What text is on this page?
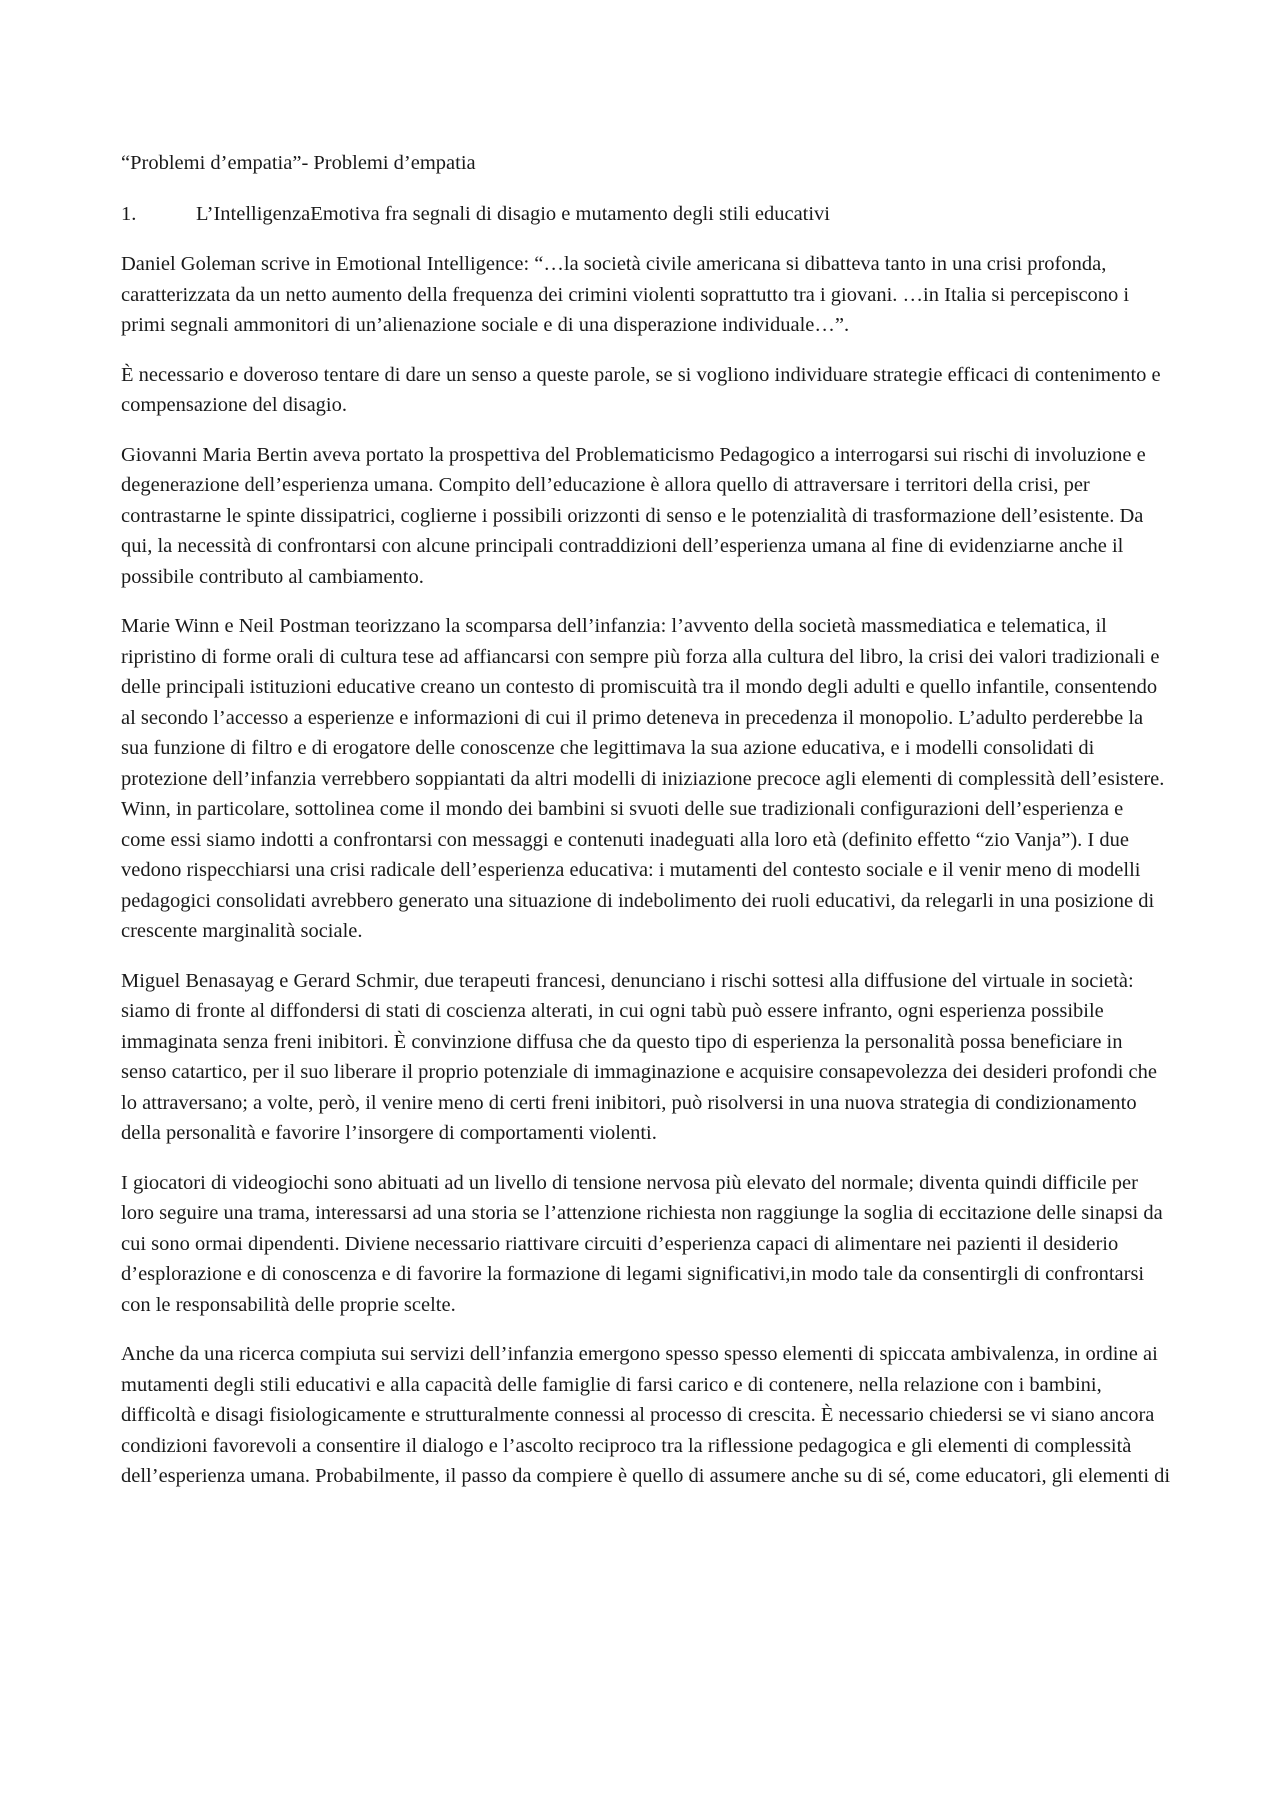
“Problemi d’empatia”- Problemi d’empatia
1.	L’IntelligenzaEmotiva fra segnali di disagio e mutamento degli stili educativi

Daniel Goleman scrive in Emotional Intelligence: “…la società civile americana si dibatteva tanto in una crisi profonda, caratterizzata da un netto aumento della frequenza dei crimini violenti soprattutto tra i giovani. …in Italia si percepiscono i primi segnali ammonitori di un’alienazione sociale e di una disperazione individuale…”.

È necessario e doveroso tentare di dare un senso a queste parole, se si vogliono individuare strategie efficaci di contenimento e compensazione del disagio.

Giovanni Maria Bertin aveva portato la prospettiva del Problematicismo Pedagogico a interrogarsi sui rischi di involuzione e degenerazione dell’esperienza umana. Compito dell’educazione è allora quello di attraversare i territori della crisi, per contrastarne le spinte dissipatrici, coglierne i possibili orizzonti di senso e le potenzialità di trasformazione dell’esistente. Da qui, la necessità di confrontarsi con alcune principali contraddizioni dell’esperienza umana al fine di evidenziarne anche il possibile contributo al cambiamento.

Marie Winn e Neil Postman teorizzano la scomparsa dell’infanzia: l’avvento della società massmediatica e telematica, il ripristino di forme orali di cultura tese ad affiancarsi con sempre più forza alla cultura del libro, la crisi dei valori tradizionali e delle principali istituzioni educative creano un contesto di promiscuità tra il mondo degli adulti e quello infantile, consentendo al secondo l’accesso a esperienze e informazioni di cui il primo deteneva in precedenza il monopolio. L’adulto perderebbe la sua funzione di filtro e di erogatore delle conoscenze che legittimava la sua azione educativa, e i modelli consolidati di protezione dell’infanzia verrebbero soppiantati da altri modelli di iniziazione precoce agli elementi di complessità dell’esistere. Winn, in particolare, sottolinea come il mondo dei bambini si svuoti delle sue tradizionali configurazioni dell’esperienza e come essi siamo indotti a confrontarsi con messaggi e contenuti inadeguati alla loro età (definito effetto “zio Vanja”). I due vedono rispecchiarsi una crisi radicale dell’esperienza educativa: i mutamenti del contesto sociale e il venir meno di modelli pedagogici consolidati avrebbero generato una situazione di indebolimento dei ruoli educativi, da relegarli in una posizione di crescente marginalità sociale.

Miguel Benasayag e Gerard Schmir, due terapeuti francesi, denunciano i rischi sottesi alla diffusione del virtuale in società: siamo di fronte al diffondersi di stati di coscienza alterati, in cui ogni tabù può essere infranto, ogni esperienza possibile immaginata senza freni inibitori. È convinzione diffusa che da questo tipo di esperienza la personalità possa beneficiare in senso catartico, per il suo liberare il proprio potenziale di immaginazione e acquisire consapevolezza dei desideri profondi che lo attraversano; a volte, però, il venire meno di certi freni inibitori, può risolversi in una nuova strategia di condizionamento della personalità e favorire l’insorgere di comportamenti violenti.

I giocatori di videogiochi sono abituati ad un livello di tensione nervosa più elevato del normale; diventa quindi difficile per loro seguire una trama, interessarsi ad una storia se l’attenzione richiesta non raggiunge la soglia di eccitazione delle sinapsi da cui sono ormai dipendenti. Diviene necessario riattivare circuiti d’esperienza capaci di alimentare nei pazienti il desiderio d’esplorazione e di conoscenza e di favorire la formazione di legami significativi,in modo tale da consentirgli di confrontarsi con le responsabilità delle proprie scelte.

Anche da una ricerca compiuta sui servizi dell’infanzia emergono spesso spesso elementi di spiccata ambivalenza, in ordine ai mutamenti degli stili educativi e alla capacità delle famiglie di farsi carico e di contenere, nella relazione con i bambini, difficoltà e disagi fisiologicamente e strutturalmente connessi al processo di crescita. È necessario chiedersi se vi siano ancora condizioni favorevoli a consentire il dialogo e l’ascolto reciproco tra la riflessione pedagogica e gli elementi di complessità dell’esperienza umana. Probabilmente, il passo da compiere è quello di assumere anche su di sé, come educatori, gli elementi di
